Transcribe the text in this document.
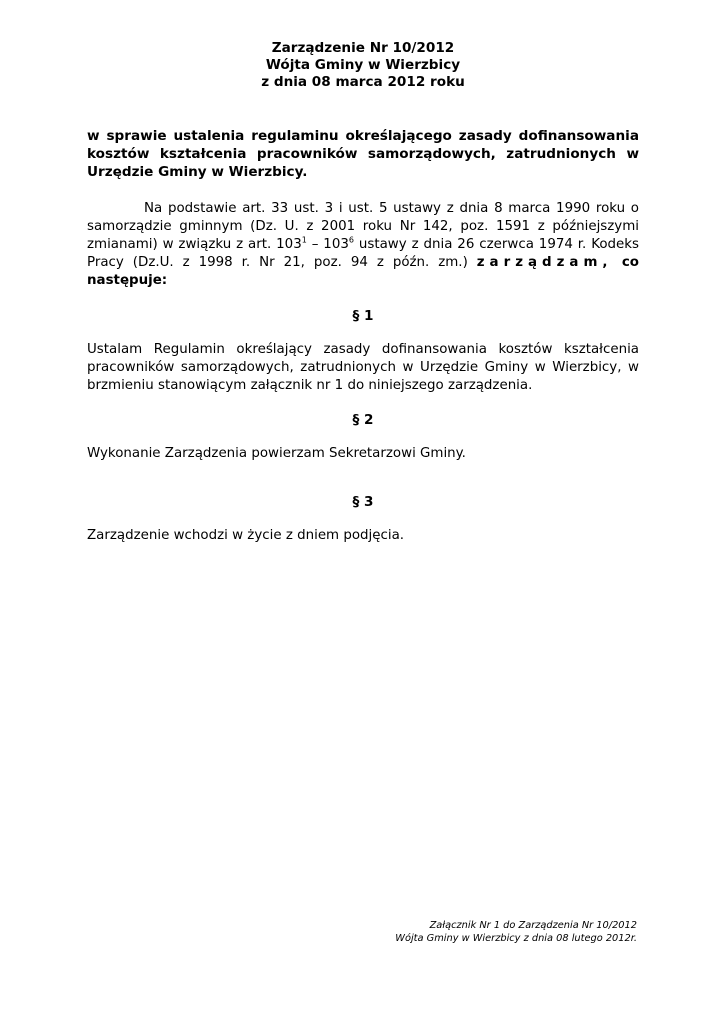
Zarządzenie Nr 10/2012
Wójta Gminy w Wierzbicy
z dnia 08 marca 2012 roku
w sprawie ustalenia regulaminu określającego zasady dofinansowania kosztów kształcenia pracowników samorządowych, zatrudnionych w Urzędzie Gminy w Wierzbicy.
Na podstawie art. 33 ust. 3 i ust. 5 ustawy z dnia 8 marca 1990 roku o samorządzie gminnym (Dz. U. z 2001 roku Nr 142, poz. 1591 z późniejszymi zmianami) w związku z art. $103^1 - 103^6$ ustawy z dnia 26 czerwca 1974 r. Kodeks Pracy (Dz.U. z 1998 r. Nr 21, poz. 94 z późn. zm.) zarządzam, co następuje:
§ 1
Ustalam Regulamin określający zasady dofinansowania kosztów kształcenia pracowników samorządowych, zatrudnionych w Urzędzie Gminy w Wierzbicy, w brzmieniu stanowiącym załącznik nr 1 do niniejszego zarządzenia.
§ 2
Wykonanie Zarządzenia powierzam Sekretarzowi Gminy.
§ 3
Zarządzenie wchodzi w życie z dniem podjęcia.
Załącznik Nr 1 do Zarządzenia Nr 10/2012
Wójta Gminy w Wierzbicy z dnia 08 lutego 2012r.
